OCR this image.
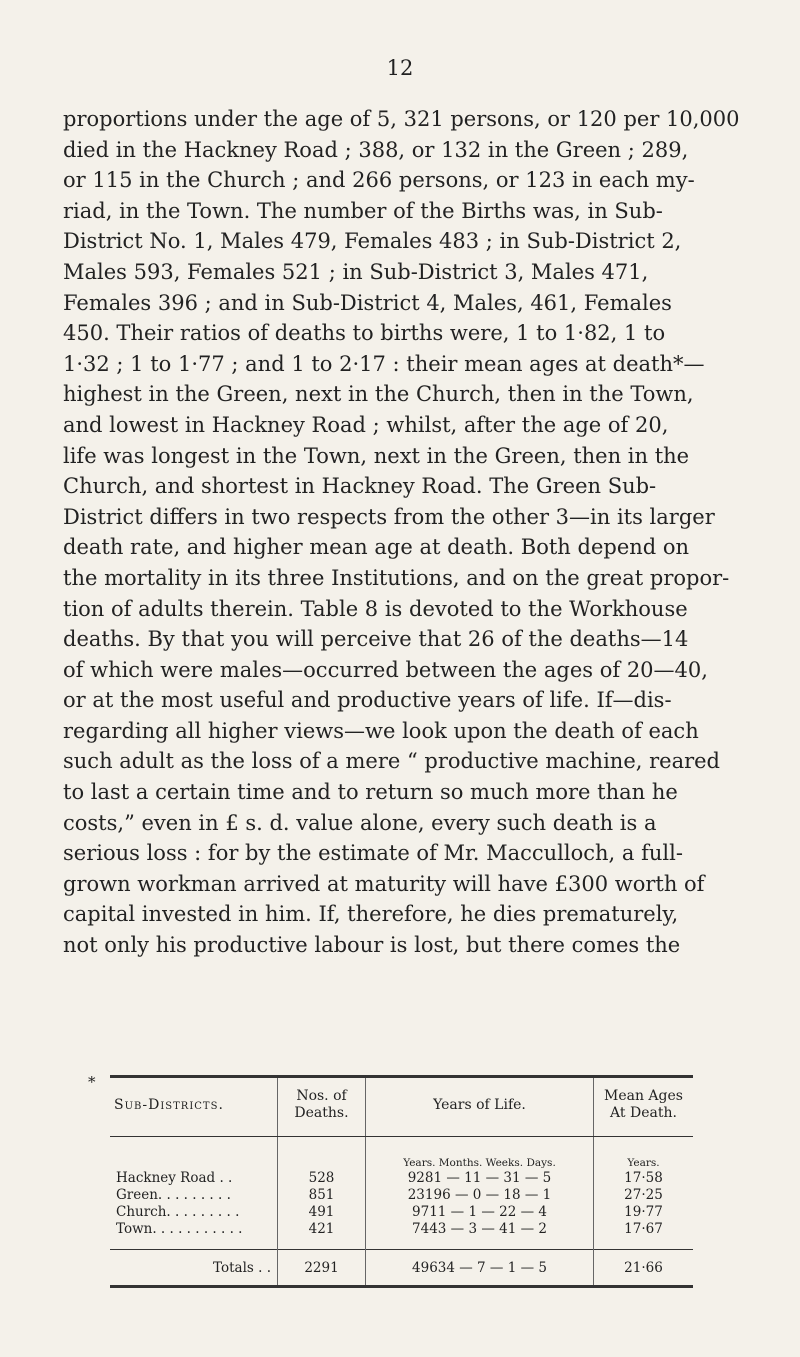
12

proportions under the age of 5, 321 persons, or 120 per 10,000

died in the Hackney Road ; 388, or 132 in the Green ; 289,

or 115 in the Church ; and 266 persons, or 123 in each my-

riad, in the Town. The number of the Births was, in Sub-

District No. 1, Males 479, Females 483 ; in Sub-District 2,

Males 593, Females 521 ; in Sub-District 3, Males 471,

Females 396 ; and in Sub-District 4, Males, 461, Females

450. Their ratios of deaths to births were, 1 to 1·82, 1 to

1·32 ; 1 to 1·77 ; and 1 to 2·17 : their mean ages at death*—

highest in the Green, next in the Church, then in the Town,

and lowest in Hackney Road ; whilst, after the age of 20,

life was longest in the Town, next in the Green, then in the

Church, and shortest in Hackney Road. The Green Sub-

District differs in two respects from the other 3—in its larger

death rate, and higher mean age at death. Both depend on

the mortality in its three Institutions, and on the great propor-

tion of adults therein. Table 8 is devoted to the Workhouse

deaths. By that you will perceive that 26 of the deaths—14

of which were males—occurred between the ages of 20—40,

or at the most useful and productive years of life. If—dis-

regarding all higher views—we look upon the death of each

such adult as the loss of a mere “ productive machine, reared

to last a certain time and to return so much more than he

costs,” even in £ s. d. value alone, every such death is a

serious loss : for by the estimate of Mr. Macculloch, a full-

grown workman arrived at maturity will have £300 worth of

capital invested in him. If, therefore, he dies prematurely,

not only his productive labour is lost, but there comes the

*
Sub-Districts.	Nos. of Deaths.	Years of Life.	Mean Ages At Death.
		Years. Months. Weeks. Days.	Years.
Hackney Road . .	528	9281 — 11 — 31 — 5	17·58
Green. . . . . . . . .	851	23196 — 0 — 18 — 1	27·25
Church. . . . . . . . .	491	9711 — 1 — 22 — 4	19·77
Town. . . . . . . . . . .	421	7443 — 3 — 41 — 2	17·67

Totals . .	2291	49634 — 7 — 1 — 5	21·66
